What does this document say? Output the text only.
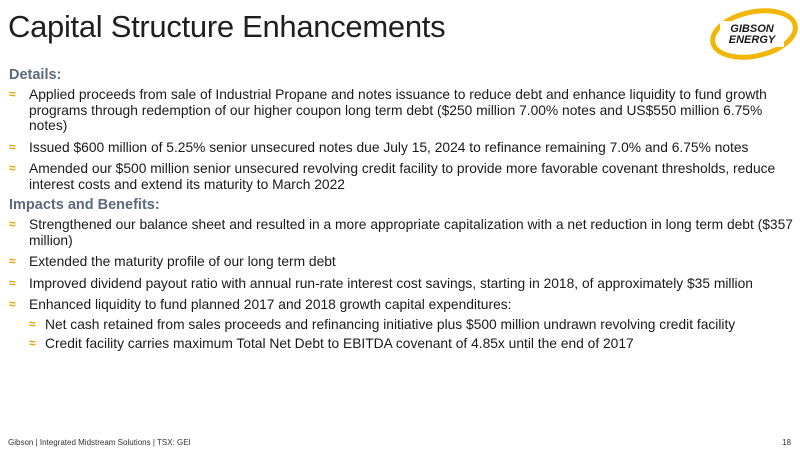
Capital Structure Enhancements	GIBSON
ENERGY
Details:
≈ Applied proceeds from sale of Industrial Propane and notes issuance to reduce debt and enhance liquidity to fund growth programs through redemption of our higher coupon long term debt ($250 million 7.00% notes and US$550 million 6.75% notes)
≈ Issued $600 million of 5.25% senior unsecured notes due July 15, 2024 to refinance remaining 7.0% and 6.75% notes
≈ Amended our $500 million senior unsecured revolving credit facility to provide more favorable covenant thresholds, reduce interest costs and extend its maturity to March 2022
Impacts and Benefits:
≈ Strengthened our balance sheet and resulted in a more appropriate capitalization with a net reduction in long term debt ($357 million)
≈ Extended the maturity profile of our long term debt
≈ Improved dividend payout ratio with annual run-rate interest cost savings, starting in 2018, of approximately $35 million
≈ Enhanced liquidity to fund planned 2017 and 2018 growth capital expenditures:
≈ Net cash retained from sales proceeds and refinancing initiative plus $500 million undrawn revolving credit facility
≈ Credit facility carries maximum Total Net Debt to EBITDA covenant of 4.85x until the end of 2017
Gibson | Integrated Midstream Solutions | TSX: GEI	18
